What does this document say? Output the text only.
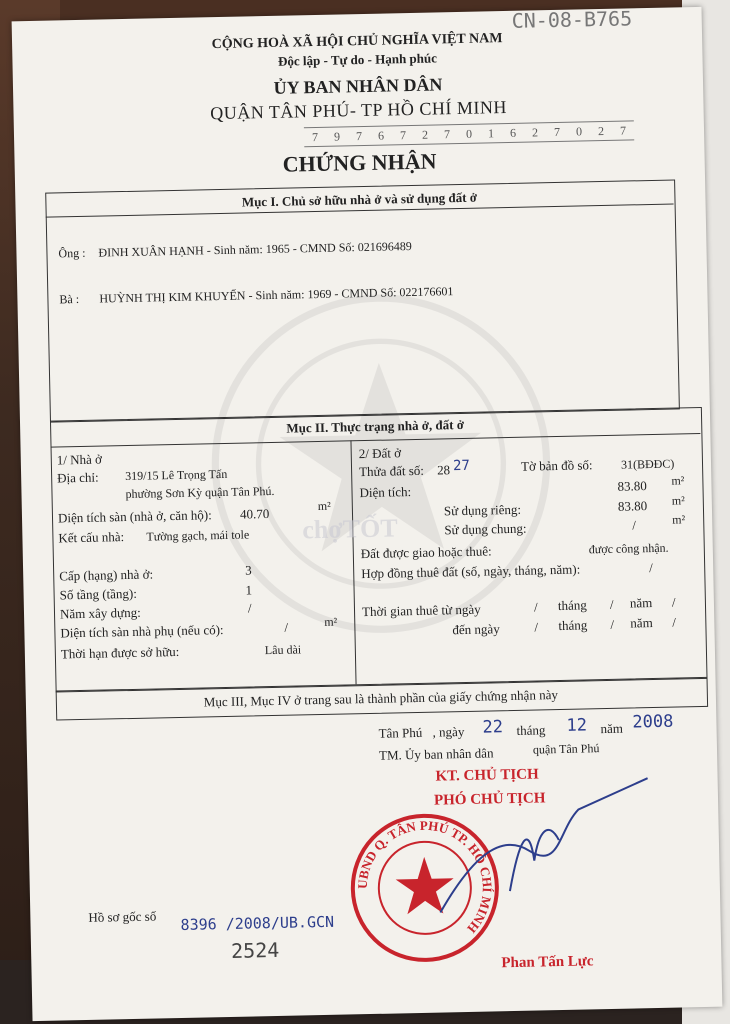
CỘNG HOÀ XÃ HỘI CHỦ NGHĨA VIỆT NAM
Độc lập - Tự do - Hạnh phúc
ỦY BAN NHÂN DÂN
QUẬN TÂN PHÚ- TP HỒ CHÍ MINH
7 9 7 6 7 2 7 0 1 6 2 7 0 2 7
CHỨNG NHẬN
CN-08-B765
Mục I. Chủ sở hữu nhà ở và sử dụng đất ở
Ông : ĐINH XUÂN HẠNH - Sinh năm: 1965 - CMND Số: 021696489
Bà : HUỲNH THỊ KIM KHUYẾN - Sinh năm: 1969 - CMND Số: 022176601
Mục II. Thực trạng nhà ở, đất ở
1/ Nhà ở
Địa chỉ: 319/15 Lê Trọng Tấn
phường Sơn Kỳ quận Tân Phú.
Diện tích sàn (nhà ở, căn hộ): 40.70
m²
Kết cấu nhà: Tường gạch, mái tole
Cấp (hạng) nhà ở:	3
Số tầng (tầng):	1
Năm xây dựng:	/
Diện tích sàn nhà phụ (nếu có):	/	m²
Thời hạn được sở hữu:	Lâu dài
2/ Đất ở
Thửa đất số: 28 27	Tờ bản đồ số: 31(BĐĐC)
Diện tích:	83.80 m²
Sử dụng riêng:	83.80 m²
Sử dụng chung:	/	m²
Đất được giao hoặc thuê:	được công nhận.
Hợp đồng thuê đất (số, ngày, tháng, năm):	/
Thời gian thuê từ ngày	/ tháng / năm /
đến ngày	/ tháng / năm /
Mục III, Mục IV ở trang sau là thành phần của giấy chứng nhận này
Tân Phú , ngày 22 tháng 12 năm 2008
TM. Ủy ban nhân dân	quận Tân Phú
KT. CHỦ TỊCH
PHÓ CHỦ TỊCH
UBND Q. TÂN PHÚ TP. HỒ CHÍ MINH
Phan Tấn Lực
Hồ sơ gốc số 8396 /2008/UB.GCN
2524
chợTỐT
